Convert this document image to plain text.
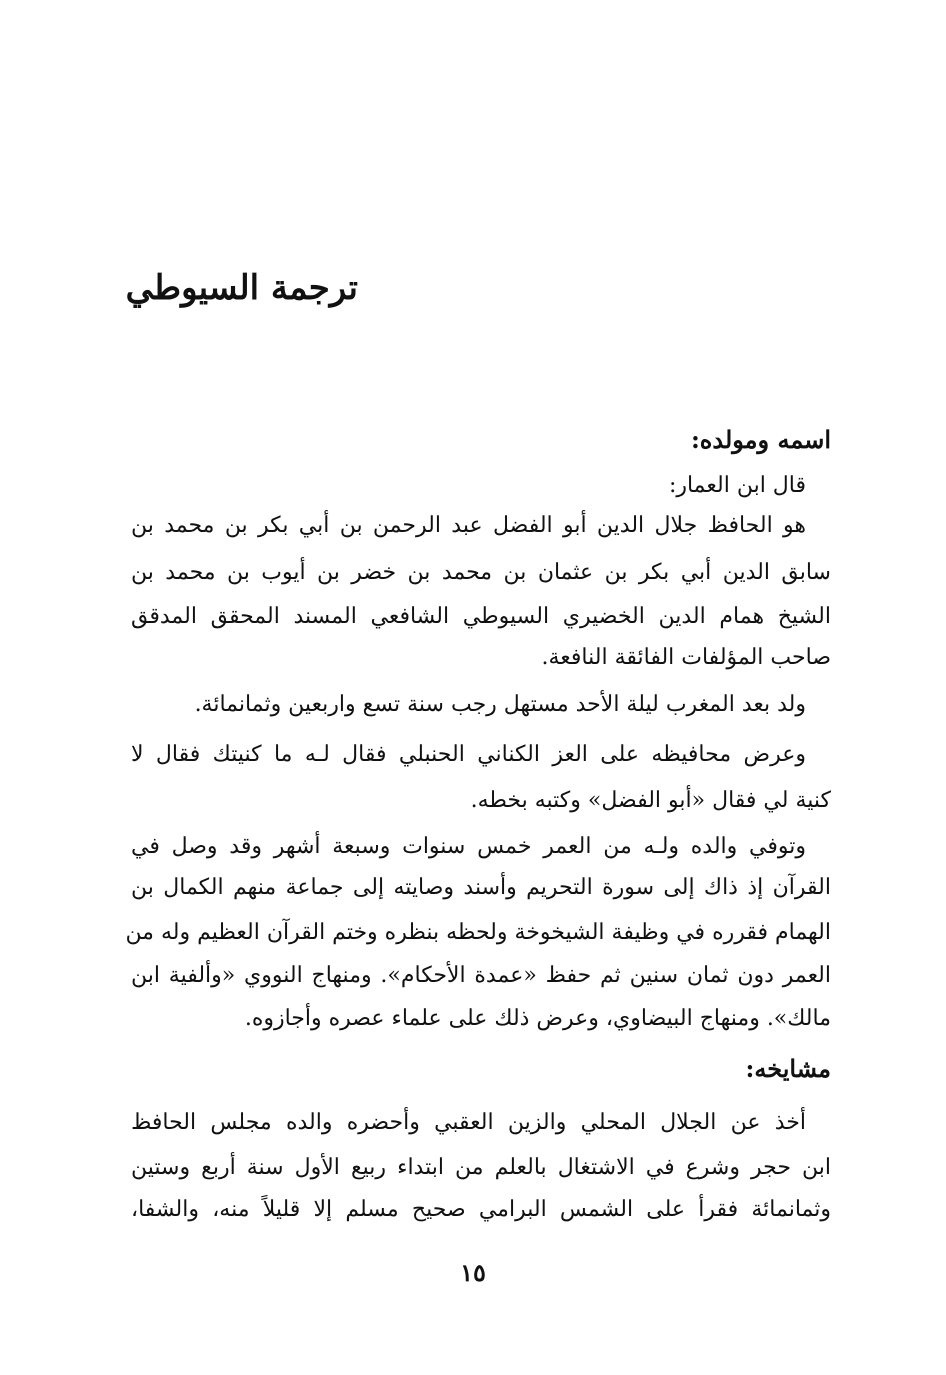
ترجمة السيوطي
اسمه ومولده:
قال ابن العمار:
هو الحافظ جلال الدين أبو الفضل عبد الرحمن بن أبي بكر بن محمد بن
سابق الدين أبي بكر بن عثمان بن محمد بن خضر بن أيوب بن محمد بن
الشيخ همام الدين الخضيري السيوطي الشافعي المسند المحقق المدقق
صاحب المؤلفات الفائقة النافعة.
ولد بعد المغرب ليلة الأحد مستهل رجب سنة تسع واربعين وثمانمائة.
وعرض محافيظه على العز الكناني الحنبلي فقال لـه ما كنيتك فقال لا
كنية لي فقال «أبو الفضل» وكتبه بخطه.
وتوفي والده ولـه من العمر خمس سنوات وسبعة أشهر وقد وصل في
القرآن إذ ذاك إلى سورة التحريم وأسند وصايته إلى جماعة منهم الكمال بن
الهمام فقرره في وظيفة الشيخوخة ولحظه بنظره وختم القرآن العظيم وله من
العمر دون ثمان سنين ثم حفظ «عمدة الأحكام». ومنهاج النووي «وألفية ابن
مالك». ومنهاج البيضاوي، وعرض ذلك على علماء عصره وأجازوه.
مشايخه:
أخذ عن الجلال المحلي والزين العقبي وأحضره والده مجلس الحافظ
ابن حجر وشرع في الاشتغال بالعلم من ابتداء ربيع الأول سنة أربع وستين
وثمانمائة فقرأ على الشمس البرامي صحيح مسلم إلا قليلاً منه، والشفا،
١٥
